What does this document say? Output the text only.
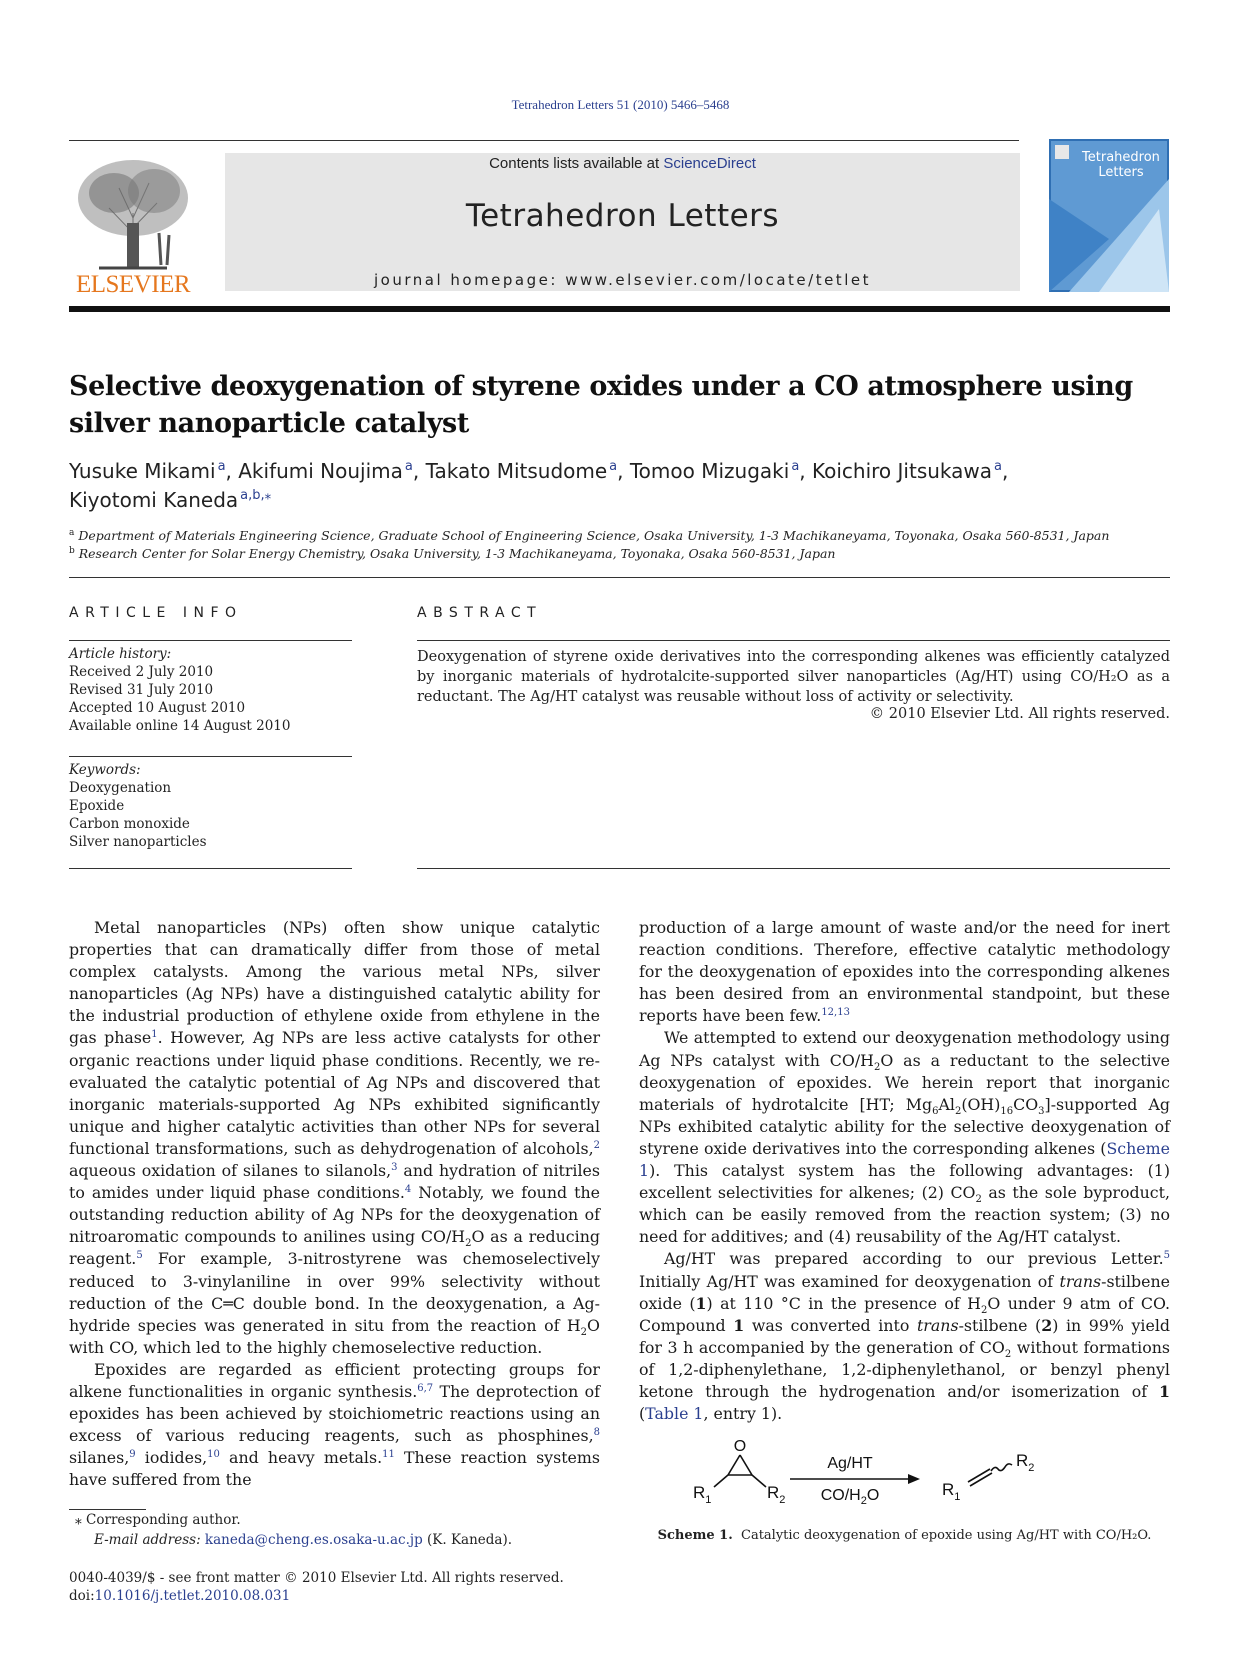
Tetrahedron Letters 51 (2010) 5466–5468
ELSEVIER
Contents lists available at ScienceDirect
Tetrahedron Letters
journal homepage: www.elsevier.com/locate/tetlet
Tetrahedron
Letters
Selective deoxygenation of styrene oxides under a CO atmosphere using silver nanoparticle catalyst
Yusuke Mikami  $^a$, Akifumi Noujima  $^a$, Takato Mitsudome  $^a$, Tomoo Mizugaki  $^a$, Koichiro Jitsukawa  $^a$,
Kiyotomi Kaneda  $^{a,b,⁎}$
$^a$ Department of Materials Engineering Science, Graduate School of Engineering Science, Osaka University, 1-3 Machikaneyama, Toyonaka, Osaka 560-8531, Japan
$^b$ Research Center for Solar Energy Chemistry, Osaka University, 1-3 Machikaneyama, Toyonaka, Osaka 560-8531, Japan
ARTICLE INFO
Article history:
Received 2 July 2010
Revised 31 July 2010
Accepted 10 August 2010
Available online 14 August 2010
Keywords:
Deoxygenation
Epoxide
Carbon monoxide
Silver nanoparticles
ABSTRACT
Deoxygenation of styrene oxide derivatives into the corresponding alkenes was efficiently catalyzed by inorganic materials of hydrotalcite-supported silver nanoparticles (Ag/HT) using CO/H₂O as a reductant. The Ag/HT catalyst was reusable without loss of activity or selectivity.
© 2010 Elsevier Ltd. All rights reserved.

Metal nanoparticles (NPs) often show unique catalytic properties that can dramatically differ from those of metal complex catalysts. Among the various metal NPs, silver nanoparticles (Ag NPs) have a distinguished catalytic ability for the industrial production of ethylene oxide from ethylene in the gas phase$^1$. However, Ag NPs are less active catalysts for other organic reactions under liquid phase conditions. Recently, we re-evaluated the catalytic potential of Ag NPs and discovered that inorganic materials-supported Ag NPs exhibited significantly unique and higher catalytic activities than other NPs for several functional transformations, such as dehydrogenation of alcohols,$^2$ aqueous oxidation of silanes to silanols,$^3$ and hydration of nitriles to amides under liquid phase conditions.$^4$ Notably, we found the outstanding reduction ability of Ag NPs for the deoxygenation of nitroaromatic compounds to anilines using $CO/H_2O$ as a reducing reagent.$^5$ For example, 3-nitrostyrene was chemoselectively reduced to 3-vinylaniline in over 99% selectivity without reduction of the C═C double bond. In the deoxygenation, a Ag-hydride species was generated in situ from the reaction of $H_2O$ with CO, which led to the highly chemoselective reduction.

Epoxides are regarded as efficient protecting groups for alkene functionalities in organic synthesis.$^{6,7}$ The deprotection of epoxides has been achieved by stoichiometric reactions using an excess of various reducing reagents, such as phosphines,$^8$ silanes,$^9$ iodides,$^{10}$ and heavy metals.$^{11}$ These reaction systems have suffered from the

production of a large amount of waste and/or the need for inert reaction conditions. Therefore, effective catalytic methodology for the deoxygenation of epoxides into the corresponding alkenes has been desired from an environmental standpoint, but these reports have been few.$^{12,13}$

We attempted to extend our deoxygenation methodology using Ag NPs catalyst with $CO/H_2O$ as a reductant to the selective deoxygenation of epoxides. We herein report that inorganic materials of hydrotalcite [HT; $Mg_6Al_2(OH)_{16}CO_3$]-supported Ag NPs exhibited catalytic ability for the selective deoxygenation of styrene oxide derivatives into the corresponding alkenes (Scheme 1). This catalyst system has the following advantages: (1) excellent selectivities for alkenes; (2) $CO_2$ as the sole byproduct, which can be easily removed from the reaction system; (3) no need for additives; and (4) reusability of the Ag/HT catalyst.

Ag/HT was prepared according to our previous Letter.$^5$ Initially Ag/HT was examined for deoxygenation of trans-stilbene oxide (1) at 110 °C in the presence of $H_2O$ under 9 atm of CO. Compound 1 was converted into trans-stilbene (2) in 99% yield for 3 h accompanied by the generation of $CO_2$ without formations of 1,2-diphenylethane, 1,2-diphenylethanol, or benzyl phenyl ketone through the hydrogenation and/or isomerization of 1 (Table 1, entry 1).

O
$R_1$	$R_2$
Ag/HT
$CO/H_2O$	$R_1$
$R_2$
Scheme 1. Catalytic deoxygenation of epoxide using Ag/HT with CO/H₂O.
⁎ Corresponding author.
E-mail address: kaneda@cheng.es.osaka-u.ac.jp (K. Kaneda).
0040-4039/$ - see front matter © 2010 Elsevier Ltd. All rights reserved.
doi:10.1016/j.tetlet.2010.08.031
